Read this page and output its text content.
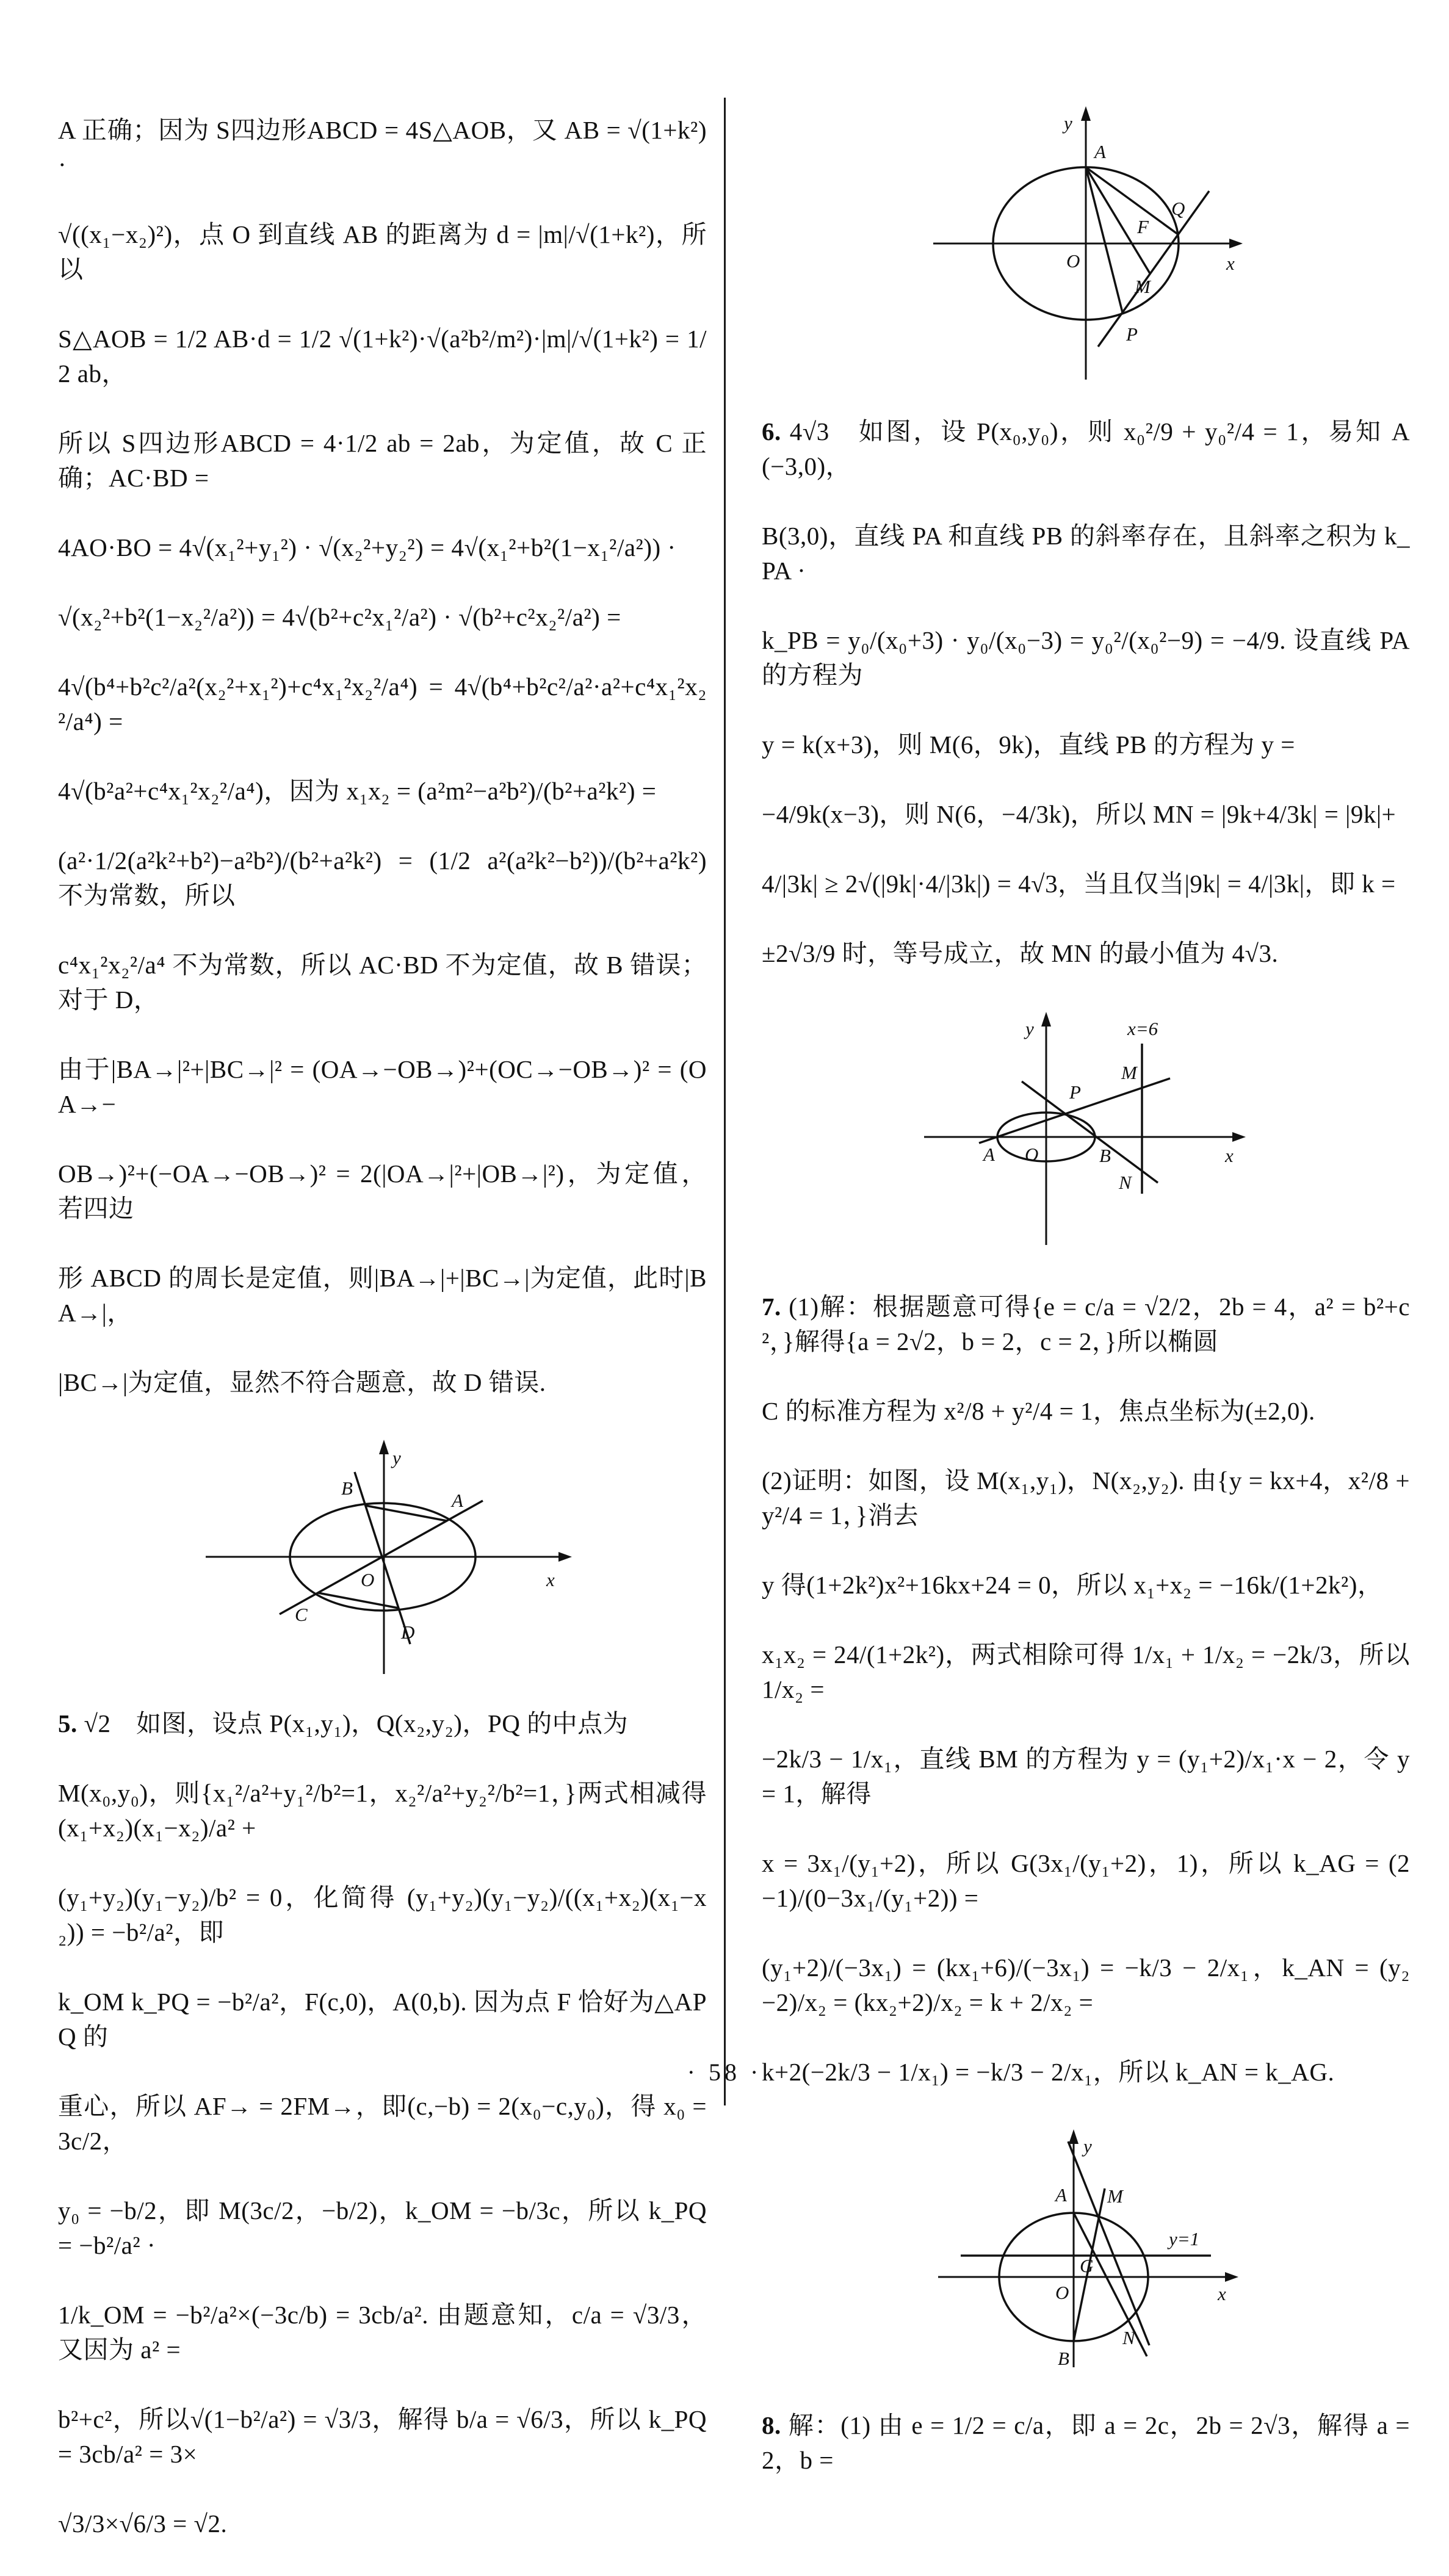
A 正确；因为 S四边形ABCD = 4S△AOB，又 AB = √(1+k²) ·
√((x₁−x₂)²)，点 O 到直线 AB 的距离为 d = |m|/√(1+k²)，所以
S△AOB = 1/2 AB·d = 1/2 √(1+k²)·√(a²b²/m²)·|m|/√(1+k²) = 1/2 ab，
所以 S四边形ABCD = 4·1/2 ab = 2ab，为定值，故 C 正确；AC·BD =
4AO·BO = 4√(x₁²+y₁²) · √(x₂²+y₂²) = 4√(x₁²+b²(1−x₁²/a²)) ·
√(x₂²+b²(1−x₂²/a²)) = 4√(b²+c²x₁²/a²) · √(b²+c²x₂²/a²) =
4√(b⁴+b²c²/a²(x₂²+x₁²)+c⁴x₁²x₂²/a⁴) = 4√(b⁴+b²c²/a²·a²+c⁴x₁²x₂²/a⁴) =
4√(b²a²+c⁴x₁²x₂²/a⁴)，因为 x₁x₂ = (a²m²−a²b²)/(b²+a²k²) =
(a²·1/2(a²k²+b²)−a²b²)/(b²+a²k²) = (1/2 a²(a²k²−b²))/(b²+a²k²) 不为常数，所以
c⁴x₁²x₂²/a⁴ 不为常数，所以 AC·BD 不为定值，故 B 错误；对于 D，
由于|BA→|²+|BC→|² = (OA→−OB→)²+(OC→−OB→)² = (OA→−
OB→)²+(−OA→−OB→)² = 2(|OA→|²+|OB→|²)，为定值，若四边
形 ABCD 的周长是定值，则|BA→|+|BC→|为定值，此时|BA→|，
|BC→|为定值，显然不符合题意，故 D 错误.
y
x
B
A
O
C
D
5. √2　如图，设点 P(x₁,y₁)，Q(x₂,y₂)，PQ 的中点为
M(x₀,y₀)，则{x₁²/a²+y₁²/b²=1，x₂²/a²+y₂²/b²=1，}两式相减得 (x₁+x₂)(x₁−x₂)/a² +
(y₁+y₂)(y₁−y₂)/b² = 0，化简得 (y₁+y₂)(y₁−y₂)/((x₁+x₂)(x₁−x₂)) = −b²/a²，即
k_OM k_PQ = −b²/a²，F(c,0)，A(0,b). 因为点 F 恰好为△APQ 的
重心，所以 AF→ = 2FM→，即(c,−b) = 2(x₀−c,y₀)，得 x₀ = 3c/2，
y₀ = −b/2，即 M(3c/2，−b/2)，k_OM = −b/3c，所以 k_PQ = −b²/a² ·
1/k_OM = −b²/a²×(−3c/b) = 3cb/a². 由题意知，c/a = √3/3，又因为 a² =
b²+c²，所以√(1−b²/a²) = √3/3，解得 b/a = √6/3，所以 k_PQ = 3cb/a² = 3×
√3/3×√6/3 = √2.
y
x
A
Q
F
O
M
P
6. 4√3　如图，设 P(x₀,y₀)，则 x₀²/9 + y₀²/4 = 1，易知 A(−3,0)，
B(3,0)，直线 PA 和直线 PB 的斜率存在，且斜率之积为 k_PA ·
k_PB = y₀/(x₀+3) · y₀/(x₀−3) = y₀²/(x₀²−9) = −4/9. 设直线 PA 的方程为
y = k(x+3)，则 M(6，9k)，直线 PB 的方程为 y =
−4/9k(x−3)，则 N(6，−4/3k)，所以 MN = |9k+4/3k| = |9k|+
4/|3k| ≥ 2√(|9k|·4/|3k|) = 4√3，当且仅当|9k| = 4/|3k|，即 k =
±2√3/9 时，等号成立，故 MN 的最小值为 4√3.
y	x=6
M
P
A O	B	x
N
7. (1)解：根据题意可得{e = c/a = √2/2，2b = 4，a² = b²+c²，}解得{a = 2√2，b = 2，c = 2，}所以椭圆
C 的标准方程为 x²/8 + y²/4 = 1，焦点坐标为(±2,0).
(2)证明：如图，设 M(x₁,y₁)，N(x₂,y₂). 由{y = kx+4，x²/8 + y²/4 = 1，}消去
y 得(1+2k²)x²+16kx+24 = 0，所以 x₁+x₂ = −16k/(1+2k²)，
x₁x₂ = 24/(1+2k²)，两式相除可得 1/x₁ + 1/x₂ = −2k/3，所以 1/x₂ =
−2k/3 − 1/x₁，直线 BM 的方程为 y = (y₁+2)/x₁·x − 2，令 y = 1，解得
x = 3x₁/(y₁+2)，所以 G(3x₁/(y₁+2)，1)，所以 k_AG = (2−1)/(0−3x₁/(y₁+2)) =
(y₁+2)/(−3x₁) = (kx₁+6)/(−3x₁) = −k/3 − 2/x₁，k_AN = (y₂−2)/x₂ = (kx₂+2)/x₂ = k + 2/x₂ =
k+2(−2k/3 − 1/x₁) = −k/3 − 2/x₁，所以 k_AN = k_AG.
y
A M
y=1
G
O	x
N
B
8. 解：(1) 由 e = 1/2 = c/a，即 a = 2c，2b = 2√3，解得 a = 2，b =
· 58 ·
